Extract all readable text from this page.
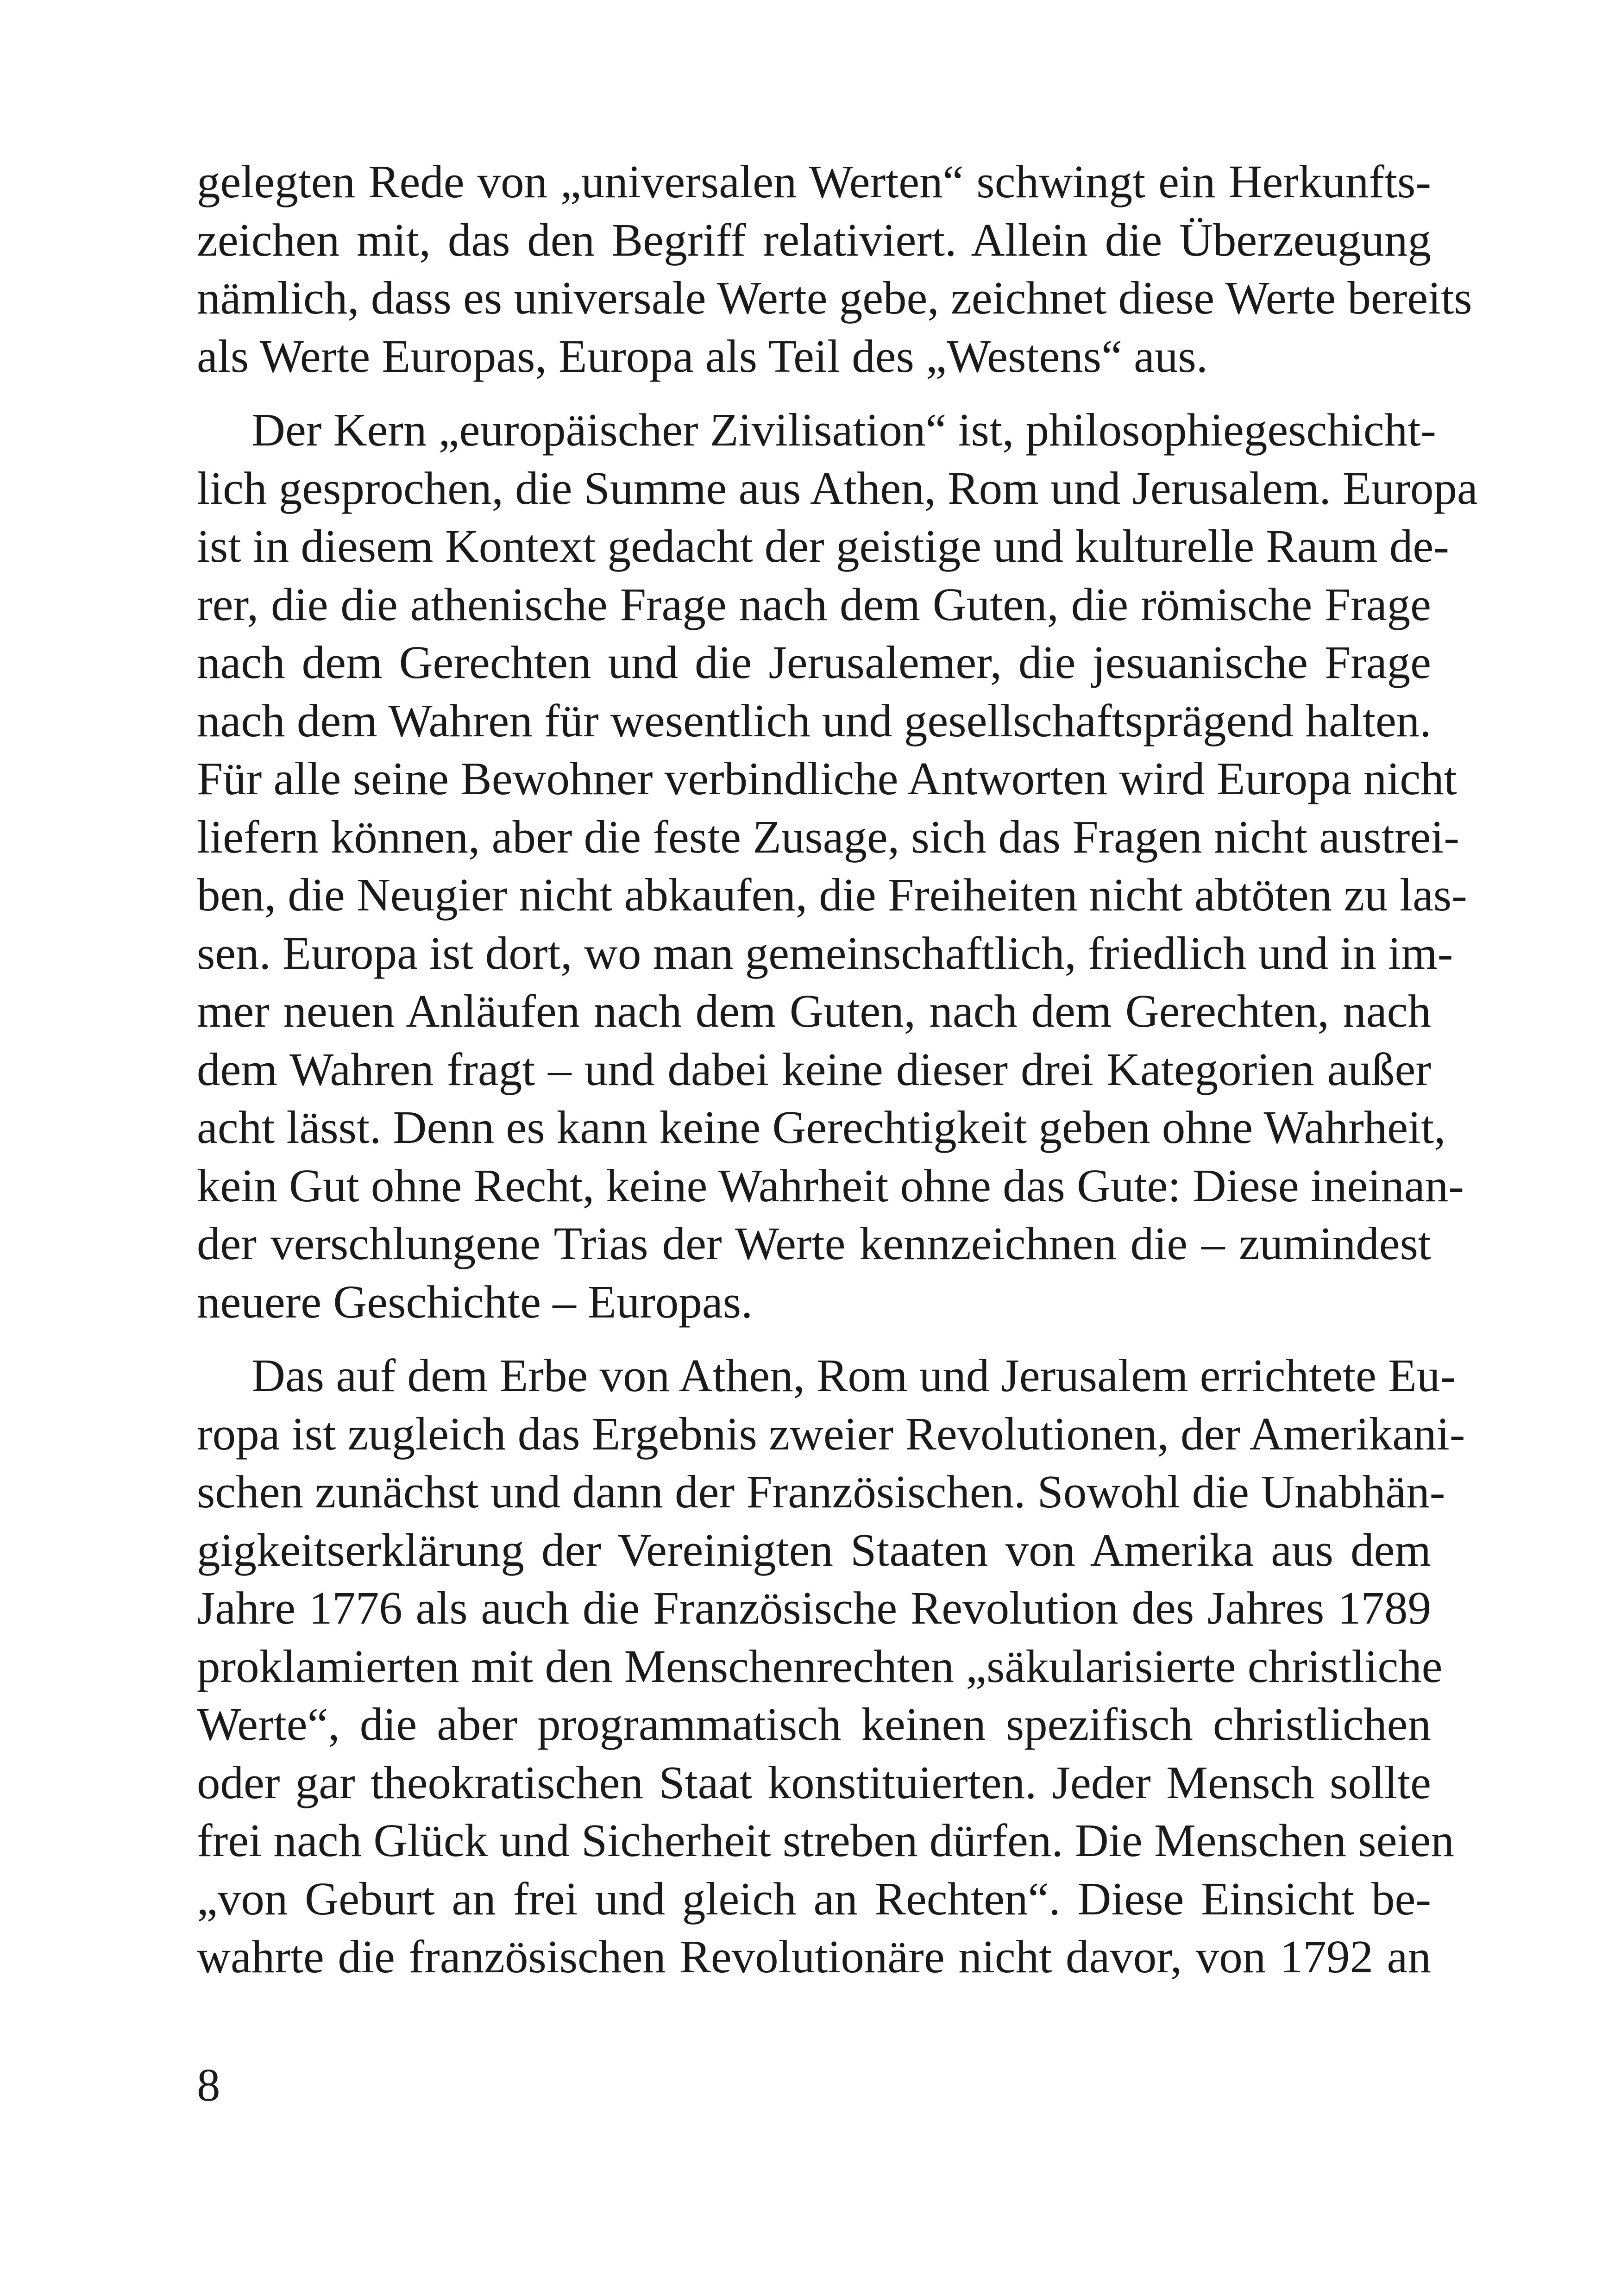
gelegten Rede von „universalen Werten“ schwingt ein Herkunfts-
zeichen mit, das den Begriff relativiert. Allein die Überzeugung
nämlich, dass es universale Werte gebe, zeichnet diese Werte bereits
als Werte Europas, Europa als Teil des „Westens“ aus.
Der Kern „europäischer Zivilisation“ ist, philosophiegeschicht-
lich gesprochen, die Summe aus Athen, Rom und Jerusalem. Europa
ist in diesem Kontext gedacht der geistige und kulturelle Raum de-
rer, die die athenische Frage nach dem Guten, die römische Frage
nach dem Gerechten und die Jerusalemer, die jesuanische Frage
nach dem Wahren für wesentlich und gesellschaftsprägend halten.
Für alle seine Bewohner verbindliche Antworten wird Europa nicht
liefern können, aber die feste Zusage, sich das Fragen nicht austrei-
ben, die Neugier nicht abkaufen, die Freiheiten nicht abtöten zu las-
sen. Europa ist dort, wo man gemeinschaftlich, friedlich und in im-
mer neuen Anläufen nach dem Guten, nach dem Gerechten, nach
dem Wahren fragt – und dabei keine dieser drei Kategorien außer
acht lässt. Denn es kann keine Gerechtigkeit geben ohne Wahrheit,
kein Gut ohne Recht, keine Wahrheit ohne das Gute: Diese ineinan-
der verschlungene Trias der Werte kennzeichnen die – zumindest
neuere Geschichte – Europas.
Das auf dem Erbe von Athen, Rom und Jerusalem errichtete Eu-
ropa ist zugleich das Ergebnis zweier Revolutionen, der Amerikani-
schen zunächst und dann der Französischen. Sowohl die Unabhän-
gigkeitserklärung der Vereinigten Staaten von Amerika aus dem
Jahre 1776 als auch die Französische Revolution des Jahres 1789
proklamierten mit den Menschenrechten „säkularisierte christliche
Werte“, die aber programmatisch keinen spezifisch christlichen
oder gar theokratischen Staat konstituierten. Jeder Mensch sollte
frei nach Glück und Sicherheit streben dürfen. Die Menschen seien
„von Geburt an frei und gleich an Rechten“. Diese Einsicht be-
wahrte die französischen Revolutionäre nicht davor, von 1792 an
8
